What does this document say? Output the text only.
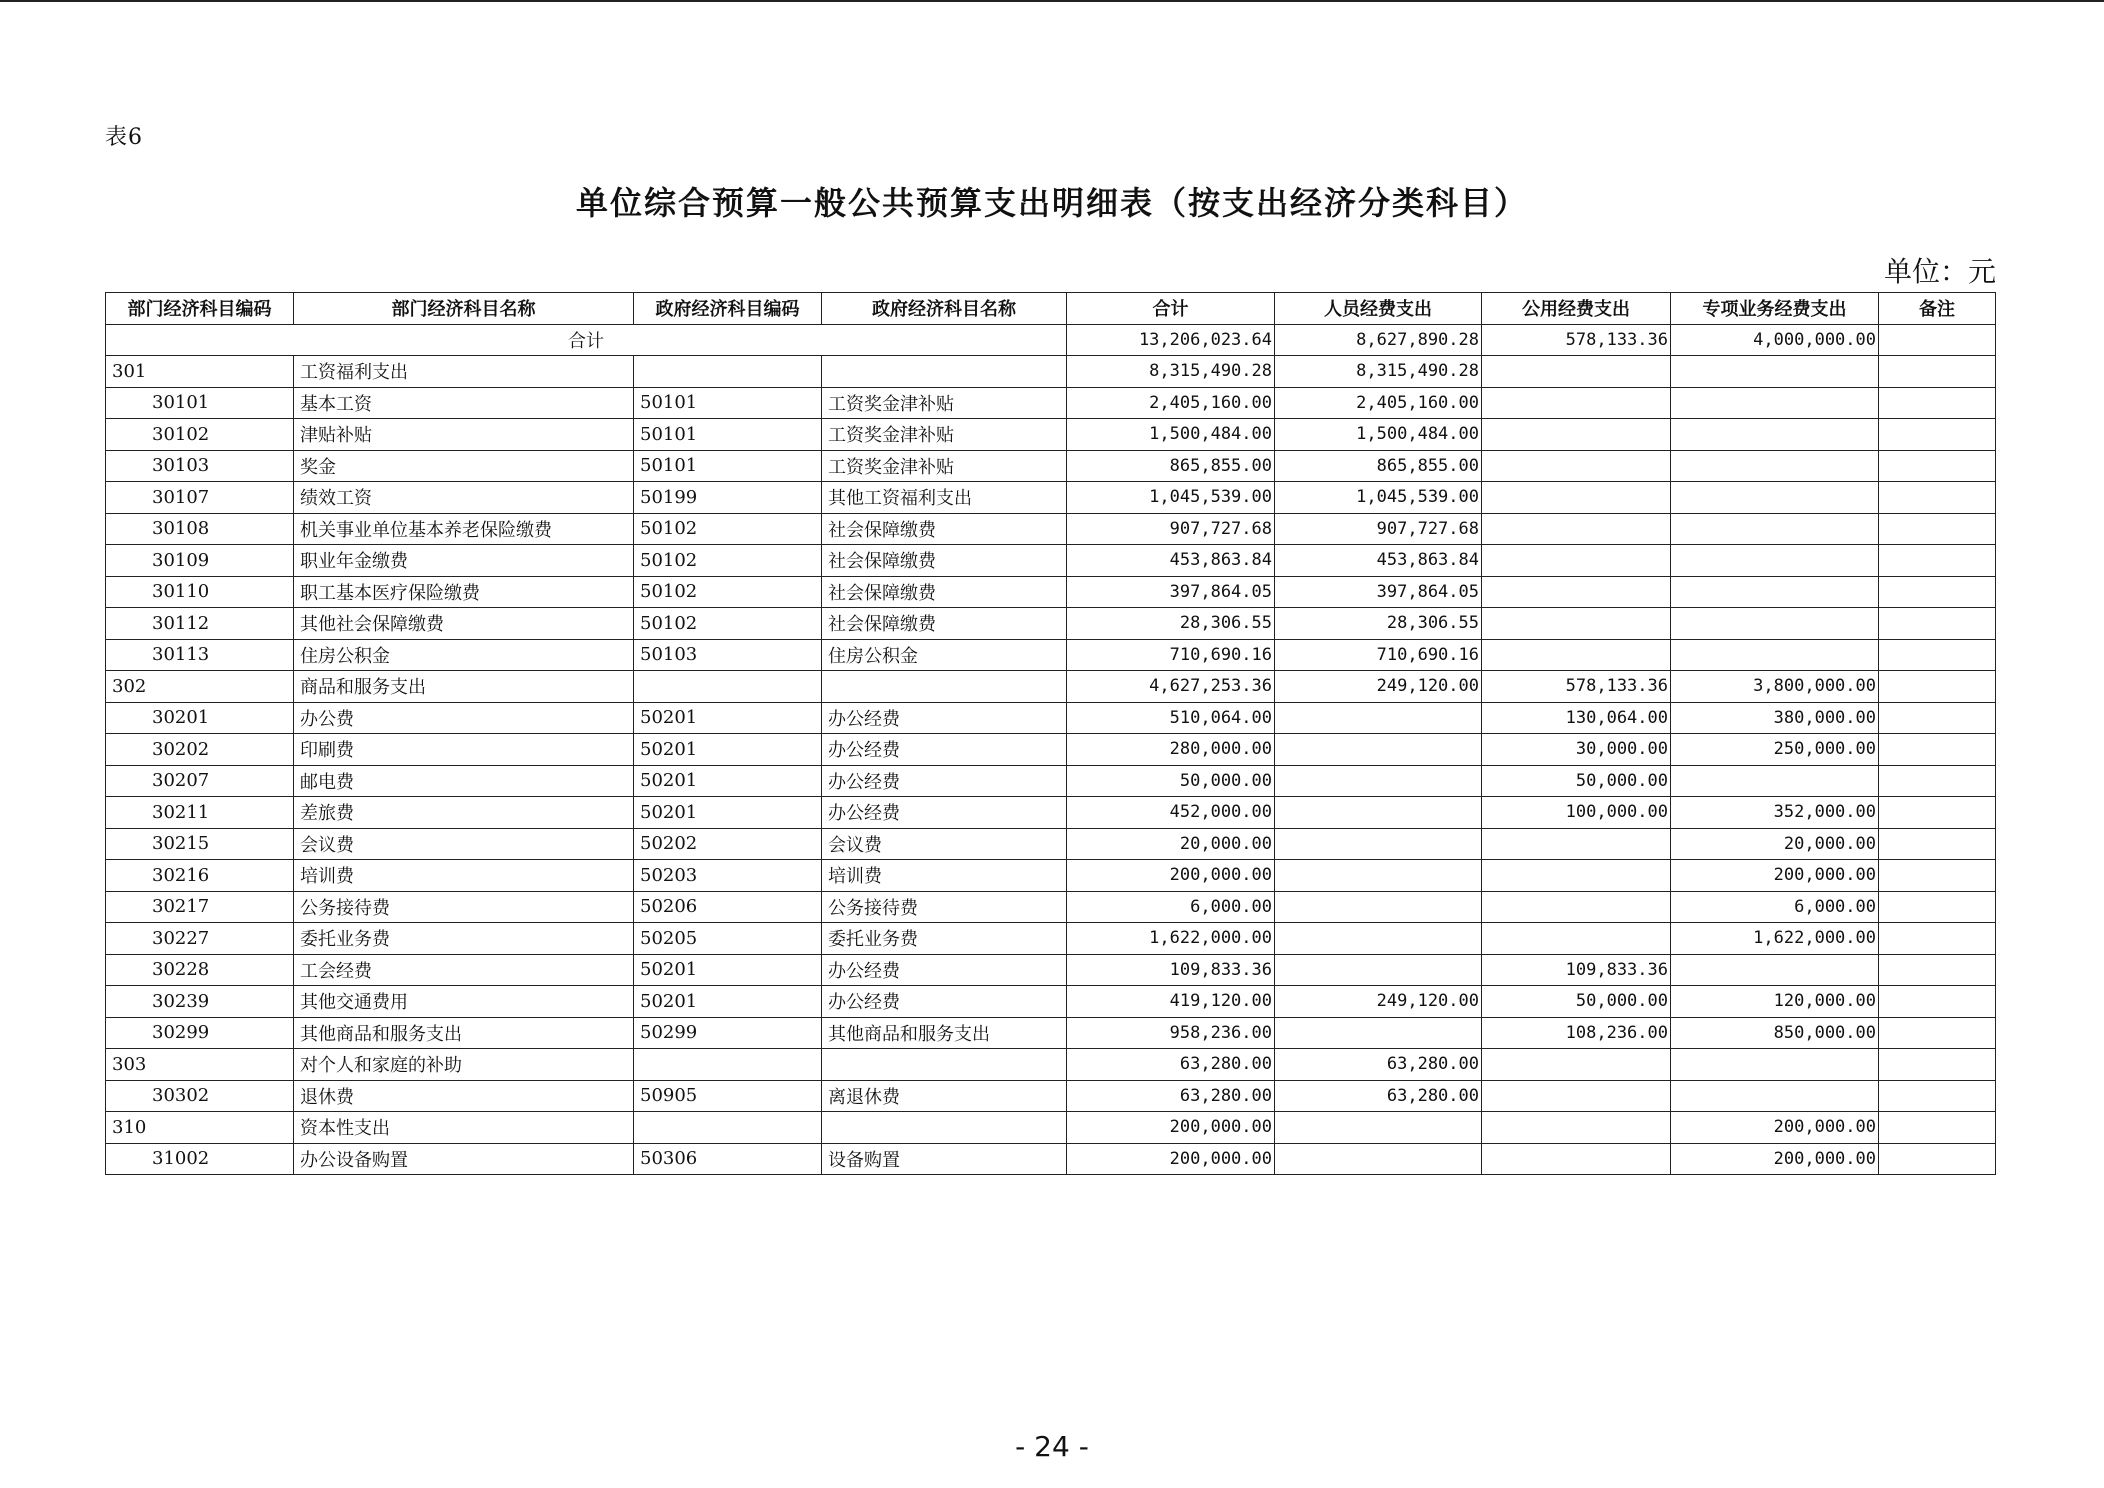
表6
单位综合预算一般公共预算支出明细表（按支出经济分类科目）
单位：元
部门经济科目编码	部门经济科目名称	政府经济科目编码	政府经济科目名称	合计	人员经费支出	公用经费支出	专项业务经费支出	备注
合计				13,206,023.64	8,627,890.28	578,133.36	4,000,000.00	
301	工资福利支出			8,315,490.28	8,315,490.28			
30101	基本工资	50101	工资奖金津补贴	2,405,160.00	2,405,160.00			
30102	津贴补贴	50101	工资奖金津补贴	1,500,484.00	1,500,484.00			
30103	奖金	50101	工资奖金津补贴	865,855.00	865,855.00			
30107	绩效工资	50199	其他工资福利支出	1,045,539.00	1,045,539.00			
30108	机关事业单位基本养老保险缴费	50102	社会保障缴费	907,727.68	907,727.68			
30109	职业年金缴费	50102	社会保障缴费	453,863.84	453,863.84			
30110	职工基本医疗保险缴费	50102	社会保障缴费	397,864.05	397,864.05			
30112	其他社会保障缴费	50102	社会保障缴费	28,306.55	28,306.55			
30113	住房公积金	50103	住房公积金	710,690.16	710,690.16			
302	商品和服务支出			4,627,253.36	249,120.00	578,133.36	3,800,000.00	
30201	办公费	50201	办公经费	510,064.00		130,064.00	380,000.00	
30202	印刷费	50201	办公经费	280,000.00		30,000.00	250,000.00	
30207	邮电费	50201	办公经费	50,000.00		50,000.00		
30211	差旅费	50201	办公经费	452,000.00		100,000.00	352,000.00	
30215	会议费	50202	会议费	20,000.00			20,000.00	
30216	培训费	50203	培训费	200,000.00			200,000.00	
30217	公务接待费	50206	公务接待费	6,000.00			6,000.00	
30227	委托业务费	50205	委托业务费	1,622,000.00			1,622,000.00	
30228	工会经费	50201	办公经费	109,833.36		109,833.36		
30239	其他交通费用	50201	办公经费	419,120.00	249,120.00	50,000.00	120,000.00	
30299	其他商品和服务支出	50299	其他商品和服务支出	958,236.00		108,236.00	850,000.00	
303	对个人和家庭的补助			63,280.00	63,280.00			
30302	退休费	50905	离退休费	63,280.00	63,280.00			
310	资本性支出			200,000.00			200,000.00	
31002	办公设备购置	50306	设备购置	200,000.00			200,000.00	
- 24 -
